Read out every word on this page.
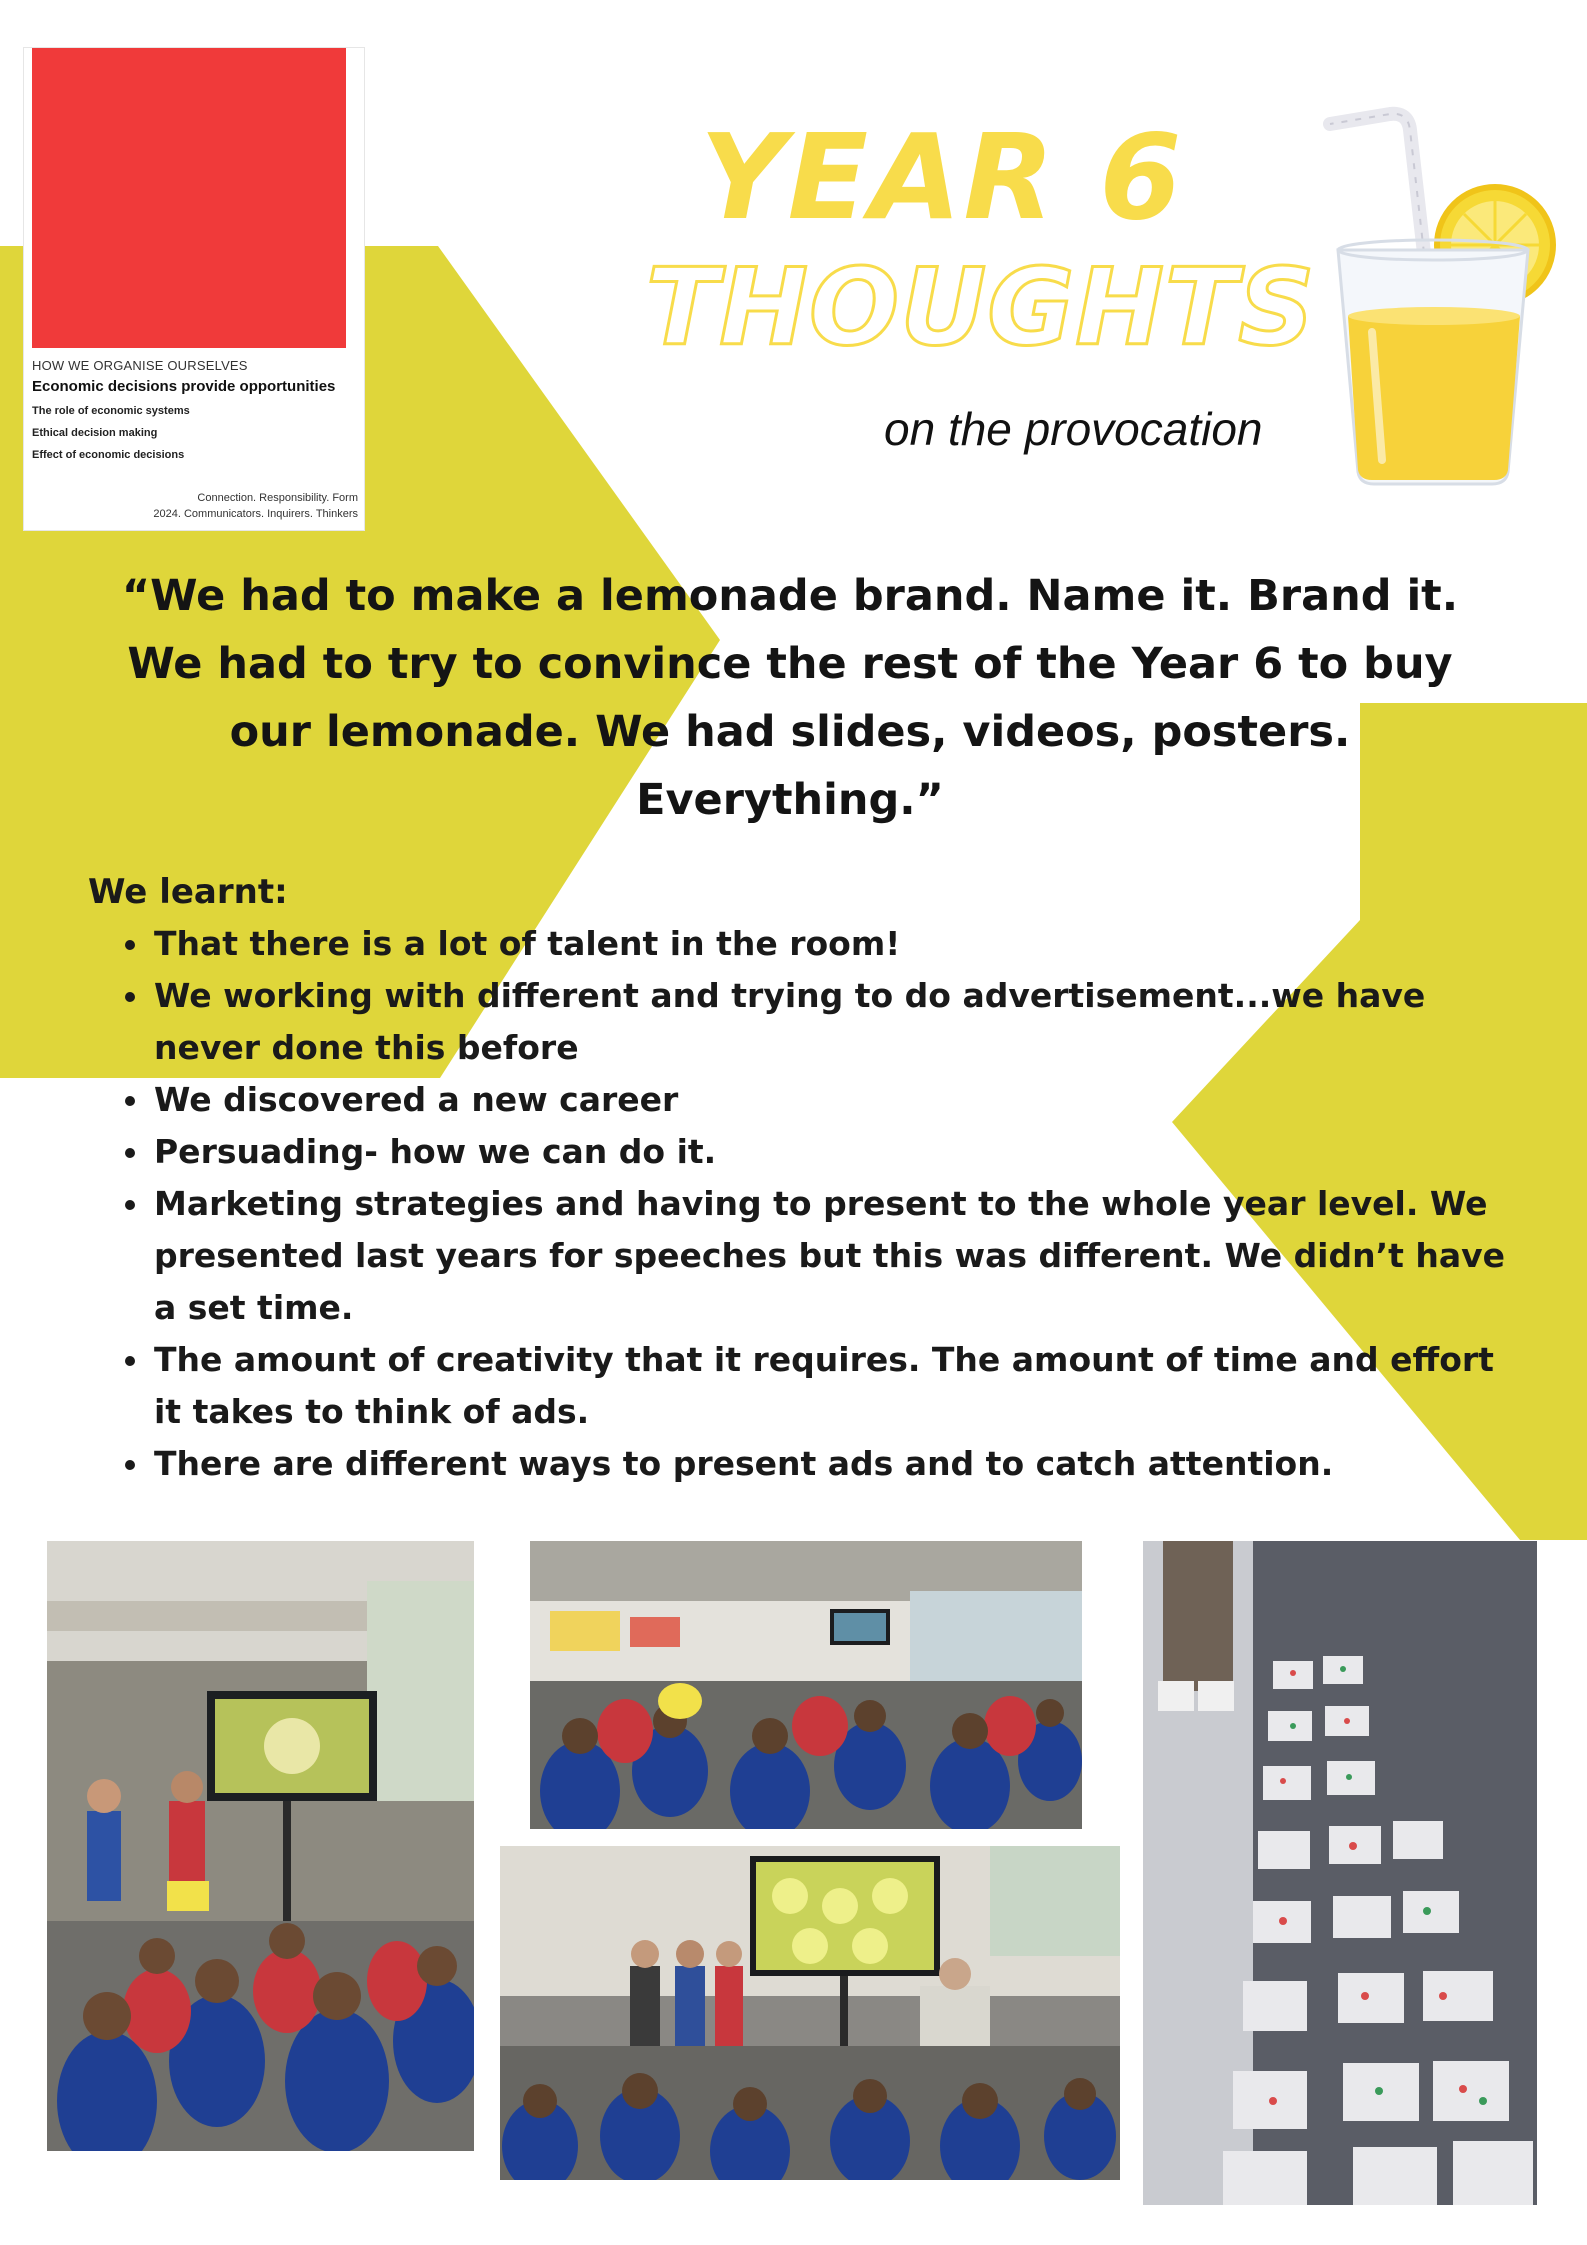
HOW WE ORGANISE OURSELVES
Economic decisions provide opportunities
The role of economic systems
Ethical decision making
Effect of economic decisions
Connection. Responsibility. Form
2024. Communicators. Inquirers. Thinkers
YEAR 6
THOUGHTS
on the provocation
“We had to make a lemonade brand. Name it. Brand it. We had to try to convince the rest of the Year 6 to buy our lemonade. We had slides, videos, posters. Everything.”
We learnt:
• That there is a lot of talent in the room!
• We working with different and trying to do advertisement...we have never done this before
• We discovered a new career
• Persuading- how we can do it.
• Marketing strategies and having to present to the whole year level. We presented last years for speeches but this was different. We didn’t have a set time.
• The amount of creativity that it requires. The amount of time and effort it takes to think of ads.
• There are different ways to present ads and to catch attention.
